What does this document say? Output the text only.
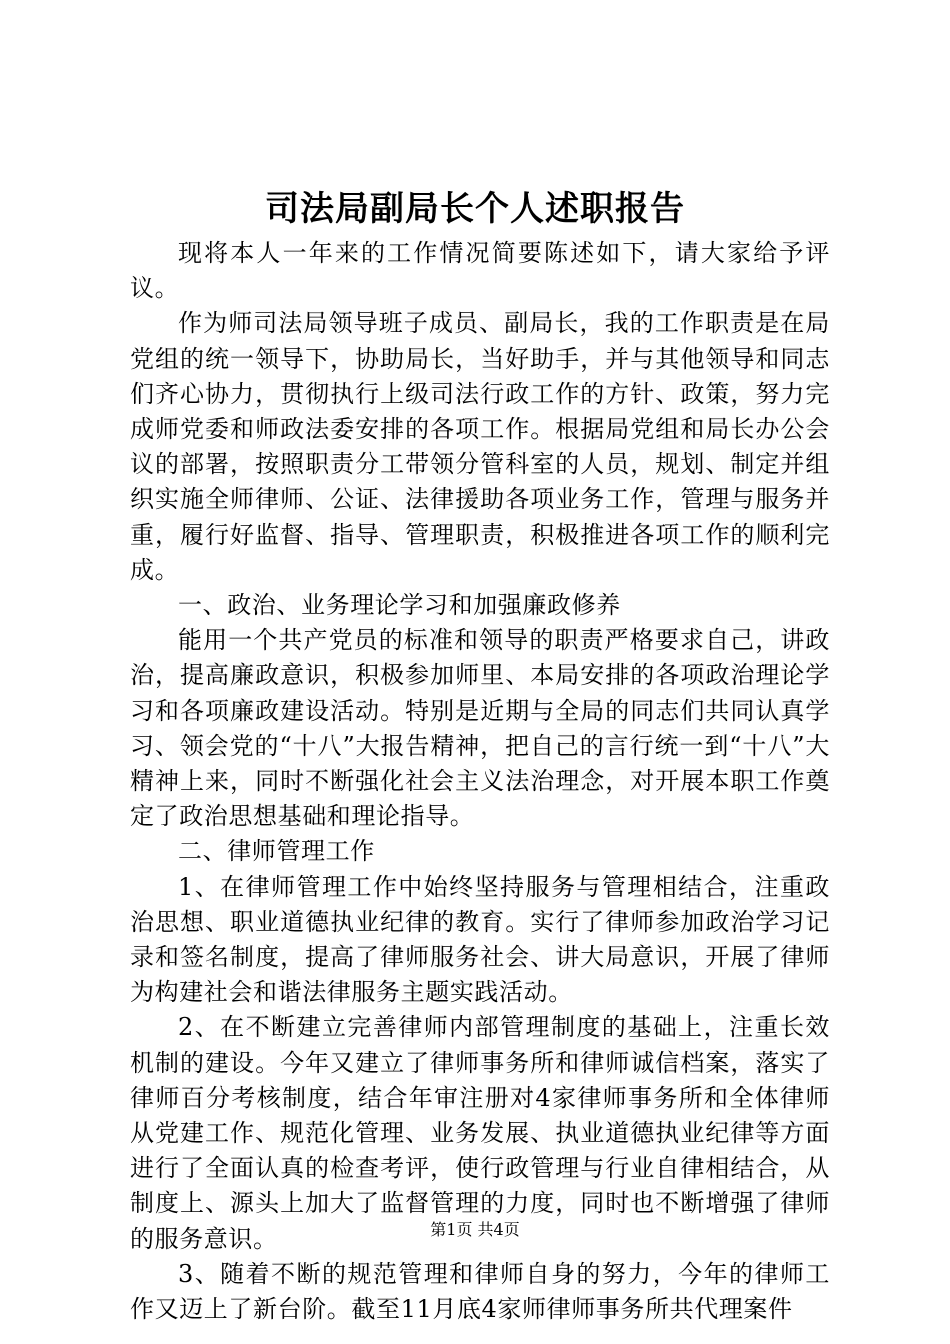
司法局副局长个人述职报告

现将本人一年来的工作情况简要陈述如下，请大家给予评议。

作为师司法局领导班子成员、副局长，我的工作职责是在局党组的统一领导下，协助局长，当好助手，并与其他领导和同志们齐心协力，贯彻执行上级司法行政工作的方针、政策，努力完成师党委和师政法委安排的各项工作。根据局党组和局长办公会议的部署，按照职责分工带领分管科室的人员，规划、制定并组织实施全师律师、公证、法律援助各项业务工作，管理与服务并重，履行好监督、指导、管理职责，积极推进各项工作的顺利完成。

一、政治、业务理论学习和加强廉政修养

能用一个共产党员的标准和领导的职责严格要求自己，讲政治，提高廉政意识，积极参加师里、本局安排的各项政治理论学习和各项廉政建设活动。特别是近期与全局的同志们共同认真学习、领会党的“十八”大报告精神，把自己的言行统一到“十八”大精神上来，同时不断强化社会主义法治理念，对开展本职工作奠定了政治思想基础和理论指导。

二、律师管理工作

1、在律师管理工作中始终坚持服务与管理相结合，注重政治思想、职业道德执业纪律的教育。实行了律师参加政治学习记录和签名制度，提高了律师服务社会、讲大局意识，开展了律师为构建社会和谐法律服务主题实践活动。

2、在不断建立完善律师内部管理制度的基础上，注重长效机制的建设。今年又建立了律师事务所和律师诚信档案，落实了律师百分考核制度，结合年审注册对4家律师事务所和全体律师从党建工作、规范化管理、业务发展、执业道德执业纪律等方面进行了全面认真的检查考评，使行政管理与行业自律相结合，从制度上、源头上加大了监督管理的力度，同时也不断增强了律师的服务意识。

3、随着不断的规范管理和律师自身的努力，今年的律师工作又迈上了新台阶。截至11月底4家师律师事务所共代理案件

第1页 共4页
